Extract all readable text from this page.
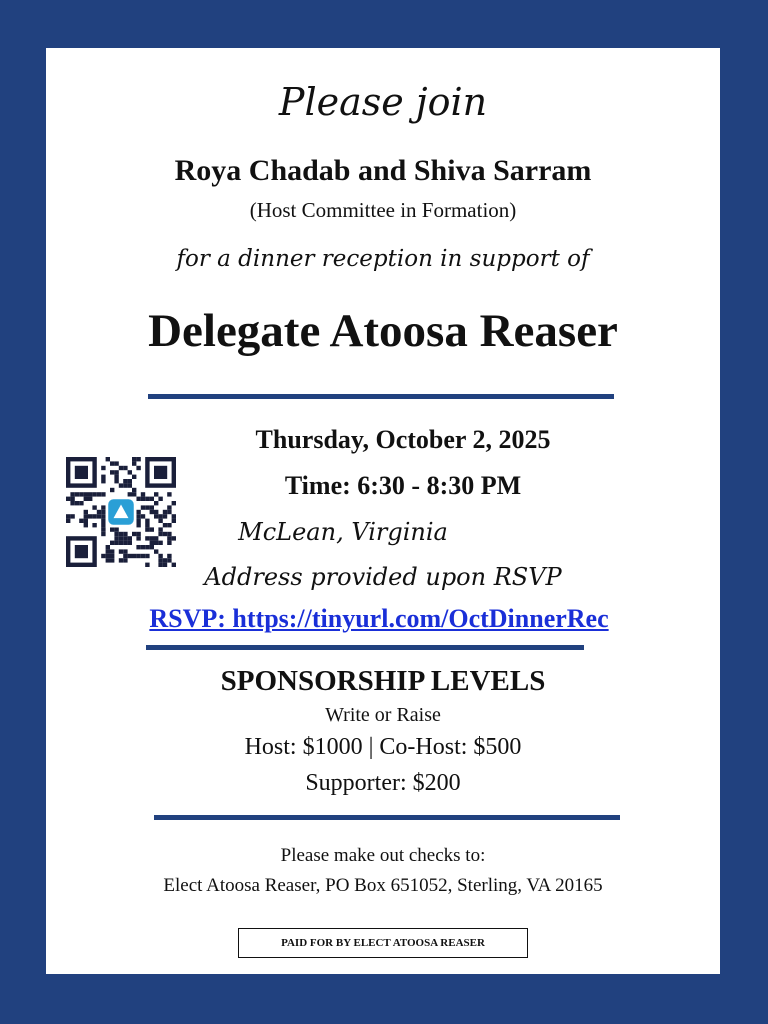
Please join
Roya Chadab and Shiva Sarram
(Host Committee in Formation)
for a dinner reception in support of
Delegate Atoosa Reaser
Thursday, October 2, 2025
Time: 6:30 - 8:30 PM
McLean, Virginia
Address provided upon RSVP
RSVP: https://tinyurl.com/OctDinnerRec
SPONSORSHIP LEVELS
Write or Raise
Host: $1000 | Co-Host: $500
Supporter: $200
Please make out checks to:
Elect Atoosa Reaser, PO Box 651052, Sterling, VA 20165
PAID FOR BY ELECT ATOOSA REASER
